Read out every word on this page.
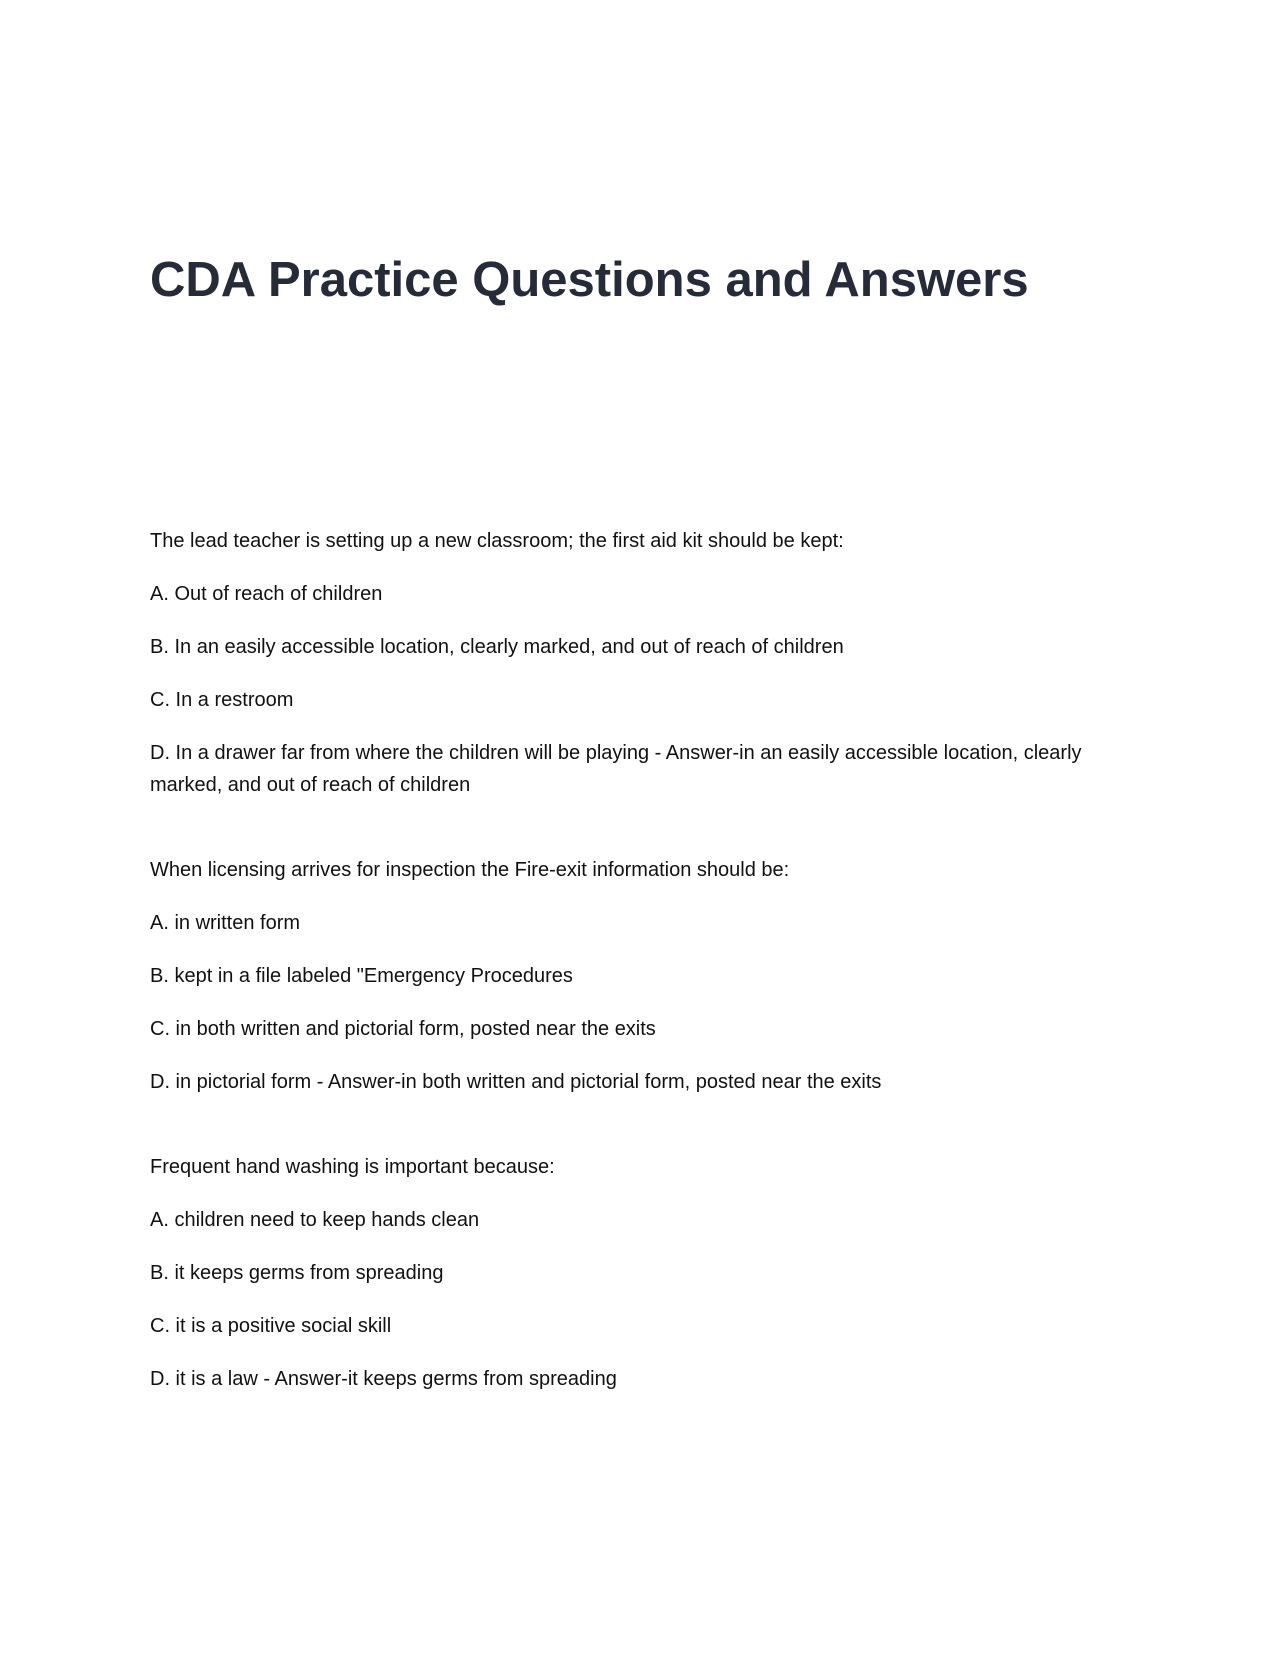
CDA Practice Questions and Answers

The lead teacher is setting up a new classroom; the first aid kit should be kept:

A. Out of reach of children

B. In an easily accessible location, clearly marked, and out of reach of children

C. In a restroom

D. In a drawer far from where the children will be playing - Answer-in an easily accessible location, clearly marked, and out of reach of children

When licensing arrives for inspection the Fire-exit information should be:

A. in written form

B. kept in a file labeled "Emergency Procedures

C. in both written and pictorial form, posted near the exits

D. in pictorial form - Answer-in both written and pictorial form, posted near the exits

Frequent hand washing is important because:

A. children need to keep hands clean

B. it keeps germs from spreading

C. it is a positive social skill

D. it is a law - Answer-it keeps germs from spreading
